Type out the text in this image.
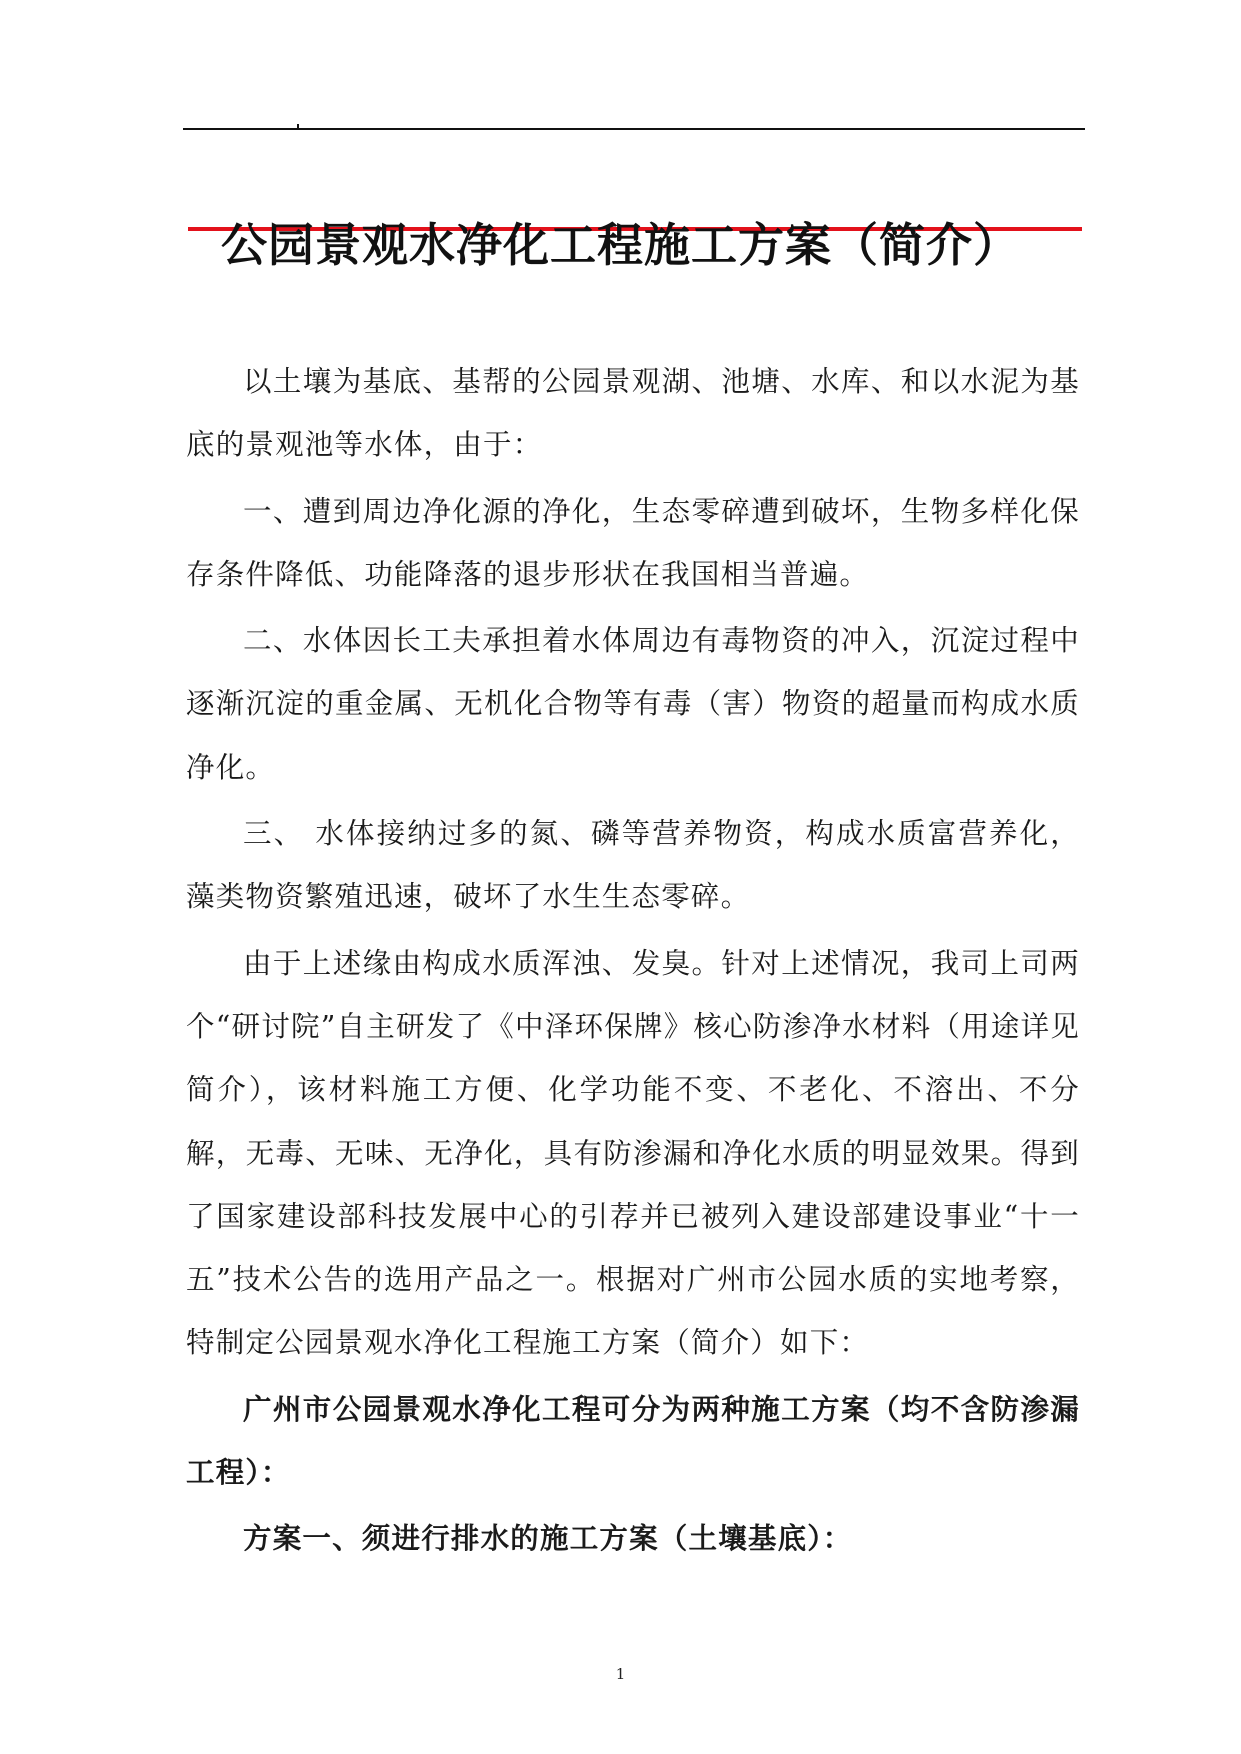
公园景观水净化工程施工方案（简介）

以土壤为基底、基帮的公园景观湖、池塘、水库、和以水泥为基底的景观池等水体，由于：

一、遭到周边净化源的净化，生态零碎遭到破坏，生物多样化保存条件降低、功能降落的退步形状在我国相当普遍。

二、水体因长工夫承担着水体周边有毒物资的冲入，沉淀过程中逐渐沉淀的重金属、无机化合物等有毒（害）物资的超量而构成水质净化。

三、 水体接纳过多的氮、磷等营养物资，构成水质富营养化，藻类物资繁殖迅速，破坏了水生生态零碎。

由于上述缘由构成水质浑浊、发臭。针对上述情况，我司上司两个“研讨院”自主研发了《中泽环保牌》核心防渗净水材料（用途详见简介），该材料施工方便、化学功能不变、不老化、不溶出、不分解，无毒、无味、无净化，具有防渗漏和净化水质的明显效果。得到了国家建设部科技发展中心的引荐并已被列入建设部建设事业“十一五”技术公告的选用产品之一。根据对广州市公园水质的实地考察，特制定公园景观水净化工程施工方案（简介）如下：

广州市公园景观水净化工程可分为两种施工方案（均不含防渗漏工程）：

方案一、须进行排水的施工方案（土壤基底）：

1
